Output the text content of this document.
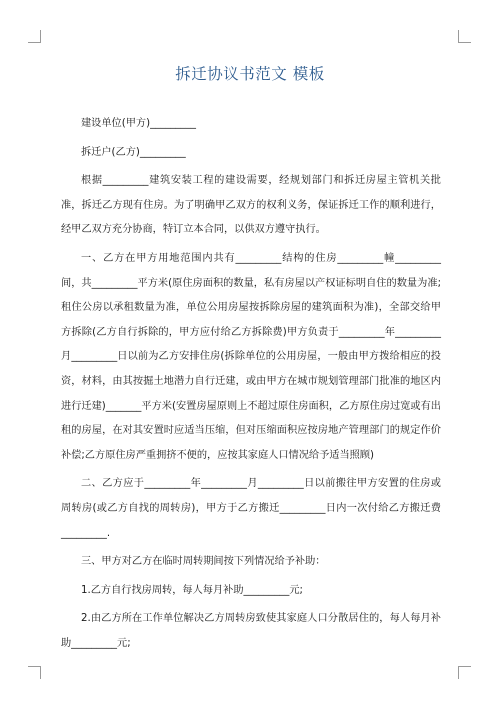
拆迁协议书范文 模板
建设单位(甲方)_________
拆迁户(乙方)_________

根据_________建筑安装工程的建设需要，经规划部门和拆迁房屋主管机关批准，拆迁乙方现有住房。为了明确甲乙双方的权利义务，保证拆迁工作的顺利进行，经甲乙双方充分协商，特订立本合同，以供双方遵守执行。

一、乙方在甲方用地范围内共有_________结构的住房_________幢_________间，共_________平方米(原住房面积的数量，私有房屋以产权证标明自住的数量为准;租住公房以承租数量为准，单位公用房屋按拆除房屋的建筑面积为准)，全部交给甲方拆除(乙方自行拆除的，甲方应付给乙方拆除费)甲方负责于_________年_________月_________日以前为乙方安排住房(拆除单位的公用房屋，一般由甲方拨给相应的投资，材料，由其按掘土地潜力自行迁建，或由甲方在城市规划管理部门批准的地区内进行迁建)_______平方米(安置房屋原则上不超过原住房面积，乙方原住房过宽或有出租的房屋，在对其安置时应适当压缩，但对压缩面积应按房地产管理部门的规定作价补偿;乙方原住房严重拥挤不便的，应按其家庭人口情况给予适当照顾)

二、乙方应于_________年_________月_________日以前搬往甲方安置的住房或周转房(或乙方自找的周转房)，甲方于乙方搬迁_________日内一次付给乙方搬迁费_________.

三、甲方对乙方在临时周转期间按下列情况给予补助：

1.乙方自行找房周转，每人每月补助_________元;

2.由乙方所在工作单位解决乙方周转房致使其家庭人口分散居住的，每人每月补助_________元;
